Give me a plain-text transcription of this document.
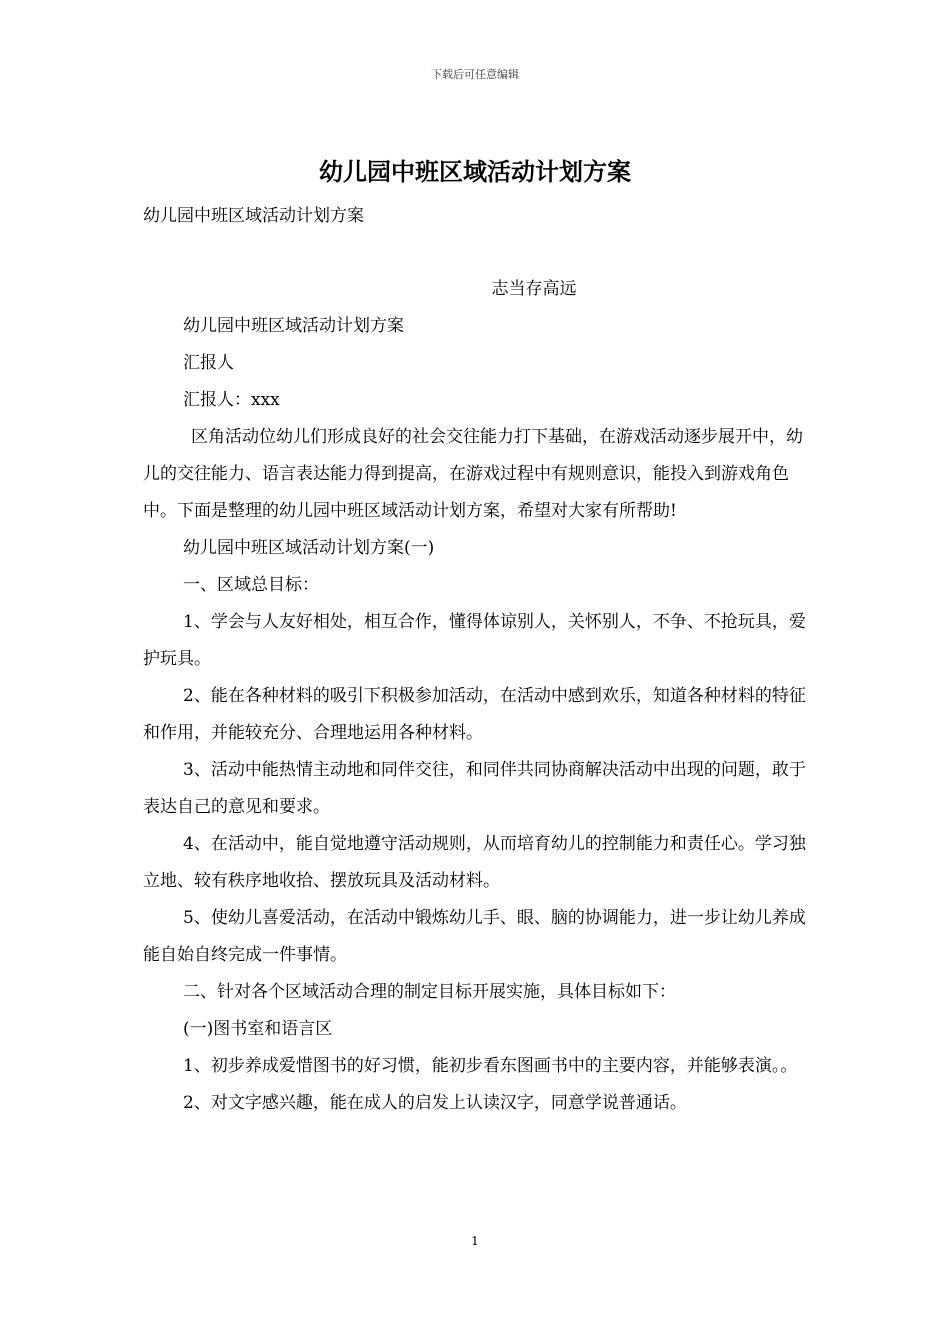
下载后可任意编辑
幼儿园中班区域活动计划方案

幼儿园中班区域活动计划方案

志当存高远

幼儿园中班区域活动计划方案

汇报人

汇报人：xxx

区角活动位幼儿们形成良好的社会交往能力打下基础，在游戏活动逐步展开中，幼儿的交往能力、语言表达能力得到提高，在游戏过程中有规则意识，能投入到游戏角色中。下面是整理的幼儿园中班区域活动计划方案，希望对大家有所帮助!

幼儿园中班区域活动计划方案(一)

一、区域总目标：

1、学会与人友好相处，相互合作，懂得体谅别人，关怀别人，不争、不抢玩具，爱护玩具。

2、能在各种材料的吸引下积极参加活动，在活动中感到欢乐，知道各种材料的特征和作用，并能较充分、合理地运用各种材料。

3、活动中能热情主动地和同伴交往，和同伴共同协商解决活动中出现的问题，敢于表达自己的意见和要求。

4、在活动中，能自觉地遵守活动规则，从而培育幼儿的控制能力和责任心。学习独立地、较有秩序地收拾、摆放玩具及活动材料。

5、使幼儿喜爱活动，在活动中锻炼幼儿手、眼、脑的协调能力，进一步让幼儿养成能自始自终完成一件事情。

二、针对各个区域活动合理的制定目标开展实施，具体目标如下：

(一)图书室和语言区

1、初步养成爱惜图书的好习惯，能初步看东图画书中的主要内容，并能够表演。。

2、对文字感兴趣，能在成人的启发上认读汉字，同意学说普通话。

1
